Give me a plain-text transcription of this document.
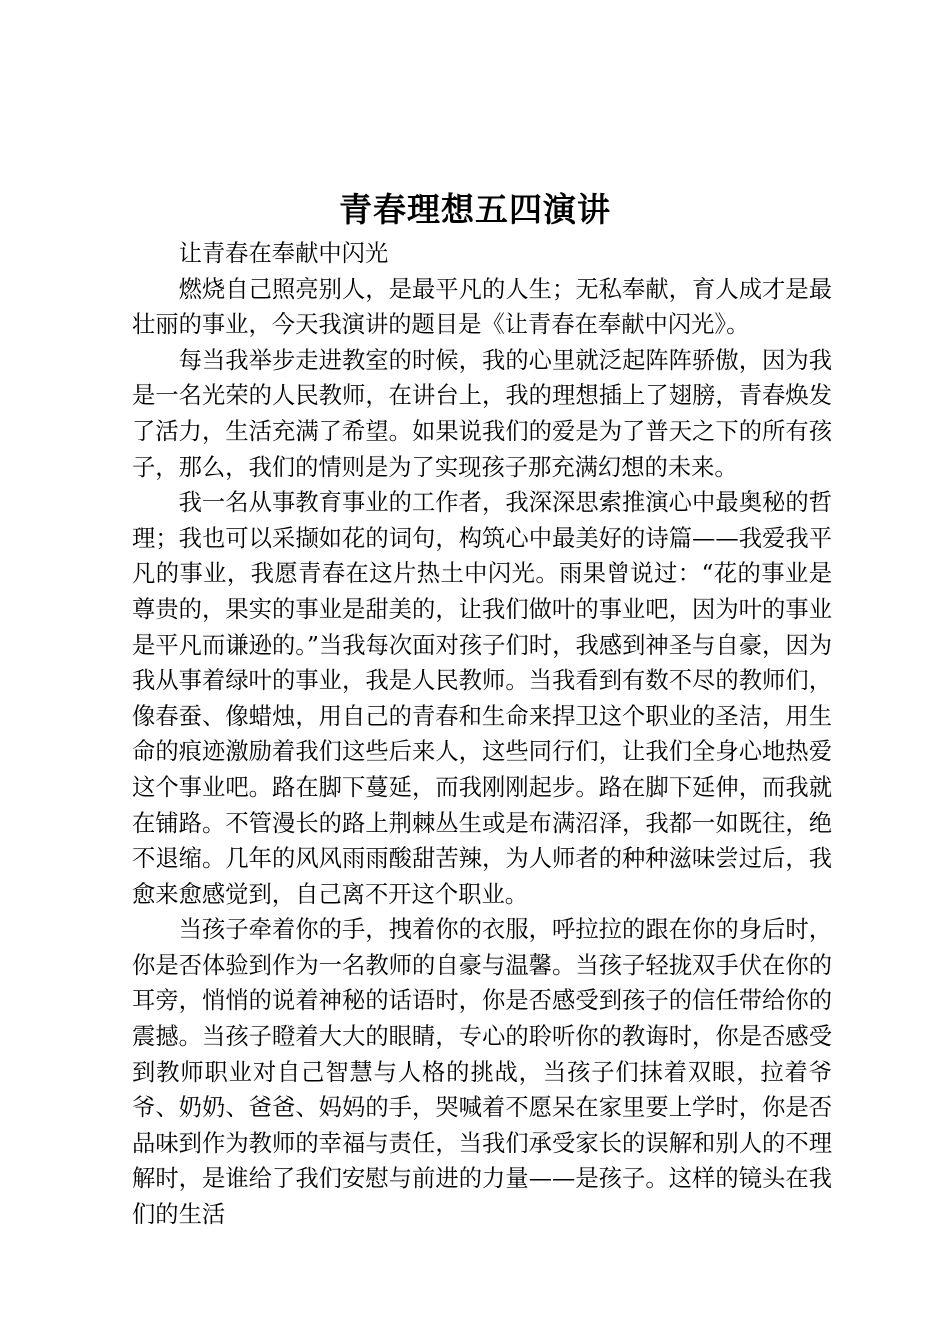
青春理想五四演讲

让青春在奉献中闪光

燃烧自己照亮别人，是最平凡的人生；无私奉献，育人成才是最壮丽的事业，今天我演讲的题目是《让青春在奉献中闪光》。

每当我举步走进教室的时候，我的心里就泛起阵阵骄傲，因为我是一名光荣的人民教师，在讲台上，我的理想插上了翅膀，青春焕发了活力，生活充满了希望。如果说我们的爱是为了普天之下的所有孩子，那么，我们的情则是为了实现孩子那充满幻想的未来。

我一名从事教育事业的工作者，我深深思索推演心中最奥秘的哲理；我也可以采撷如花的词句，构筑心中最美好的诗篇——我爱我平凡的事业，我愿青春在这片热土中闪光。雨果曾说过：“花的事业是尊贵的，果实的事业是甜美的，让我们做叶的事业吧，因为叶的事业是平凡而谦逊的。”当我每次面对孩子们时，我感到神圣与自豪，因为我从事着绿叶的事业，我是人民教师。当我看到有数不尽的教师们，像春蚕、像蜡烛，用自己的青春和生命来捍卫这个职业的圣洁，用生命的痕迹激励着我们这些后来人，这些同行们，让我们全身心地热爱这个事业吧。路在脚下蔓延，而我刚刚起步。路在脚下延伸，而我就在铺路。不管漫长的路上荆棘丛生或是布满沼泽，我都一如既往，绝不退缩。几年的风风雨雨酸甜苦辣，为人师者的种种滋味尝过后，我愈来愈感觉到，自己离不开这个职业。

当孩子牵着你的手，拽着你的衣服，呼拉拉的跟在你的身后时，你是否体验到作为一名教师的自豪与温馨。当孩子轻拢双手伏在你的耳旁，悄悄的说着神秘的话语时，你是否感受到孩子的信任带给你的震撼。当孩子瞪着大大的眼睛，专心的聆听你的教诲时，你是否感受到教师职业对自己智慧与人格的挑战，当孩子们抹着双眼，拉着爷爷、奶奶、爸爸、妈妈的手，哭喊着不愿呆在家里要上学时，你是否品味到作为教师的幸福与责任，当我们承受家长的误解和别人的不理解时，是谁给了我们安慰与前进的力量——是孩子。这样的镜头在我们的生活
